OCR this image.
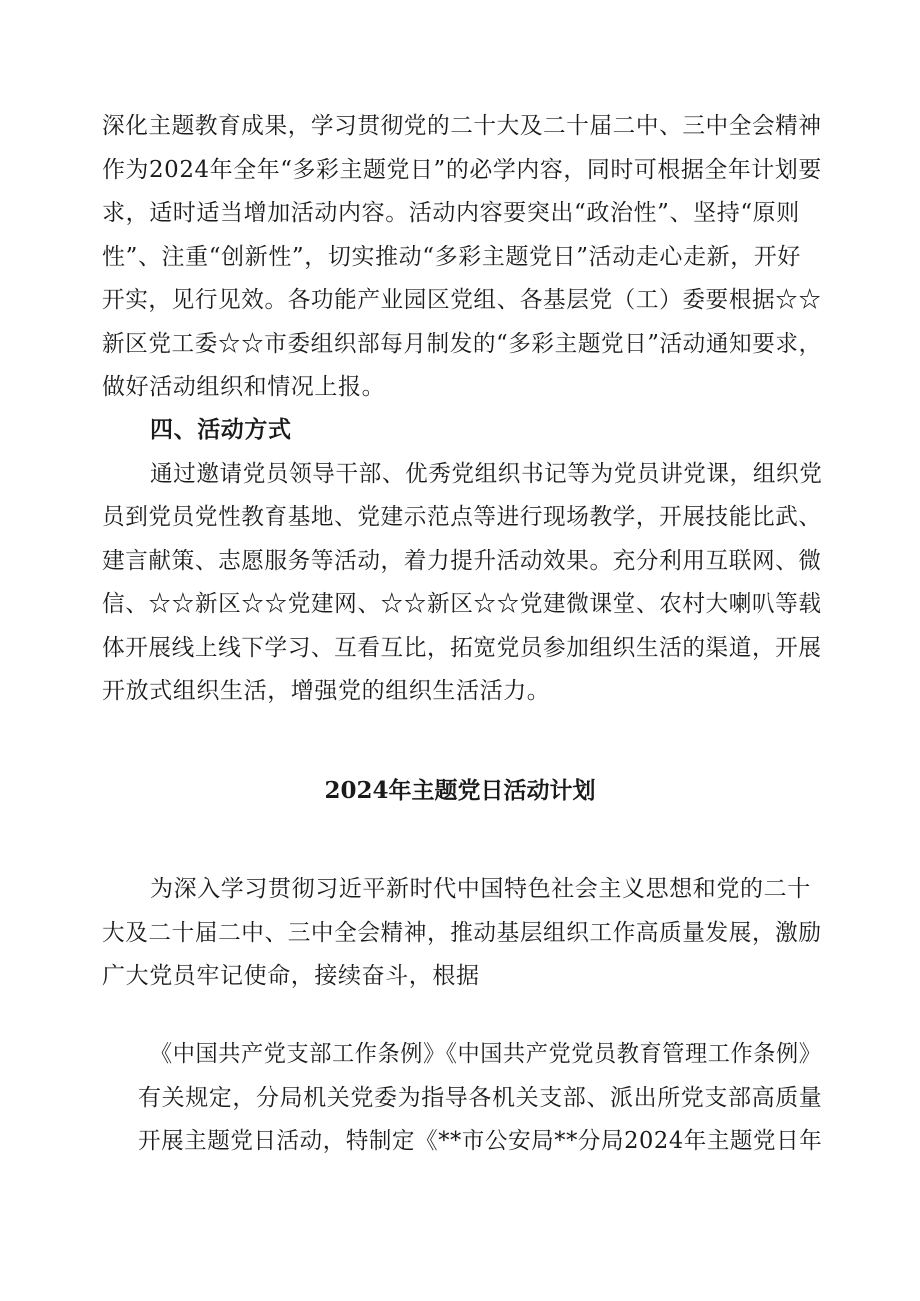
深化主题教育成果，学习贯彻党的二十大及二十届二中、三中全会精神
作为2024年全年“多彩主题党日”的必学内容，同时可根据全年计划要
求，适时适当增加活动内容。活动内容要突出“政治性”、坚持“原则
性”、注重“创新性”，切实推动“多彩主题党日”活动走心走新，开好
开实，见行见效。各功能产业园区党组、各基层党（工）委要根据☆☆
新区党工委☆☆市委组织部每月制发的“多彩主题党日”活动通知要求，
做好活动组织和情况上报。
四、活动方式
通过邀请党员领导干部、优秀党组织书记等为党员讲党课，组织党
员到党员党性教育基地、党建示范点等进行现场教学，开展技能比武、
建言献策、志愿服务等活动，着力提升活动效果。充分利用互联网、微
信、☆☆新区☆☆党建网、☆☆新区☆☆党建微课堂、农村大喇叭等载
体开展线上线下学习、互看互比，拓宽党员参加组织生活的渠道，开展
开放式组织生活，增强党的组织生活活力。
2024年主题党日活动计划
为深入学习贯彻习近平新时代中国特色社会主义思想和党的二十
大及二十届二中、三中全会精神，推动基层组织工作高质量发展，激励
广大党员牢记使命，接续奋斗，根据
《中国共产党支部工作条例》《中国共产党党员教育管理工作条例》
有关规定，分局机关党委为指导各机关支部、派出所党支部高质量
开展主题党日活动，特制定《**市公安局**分局2024年主题党日年
